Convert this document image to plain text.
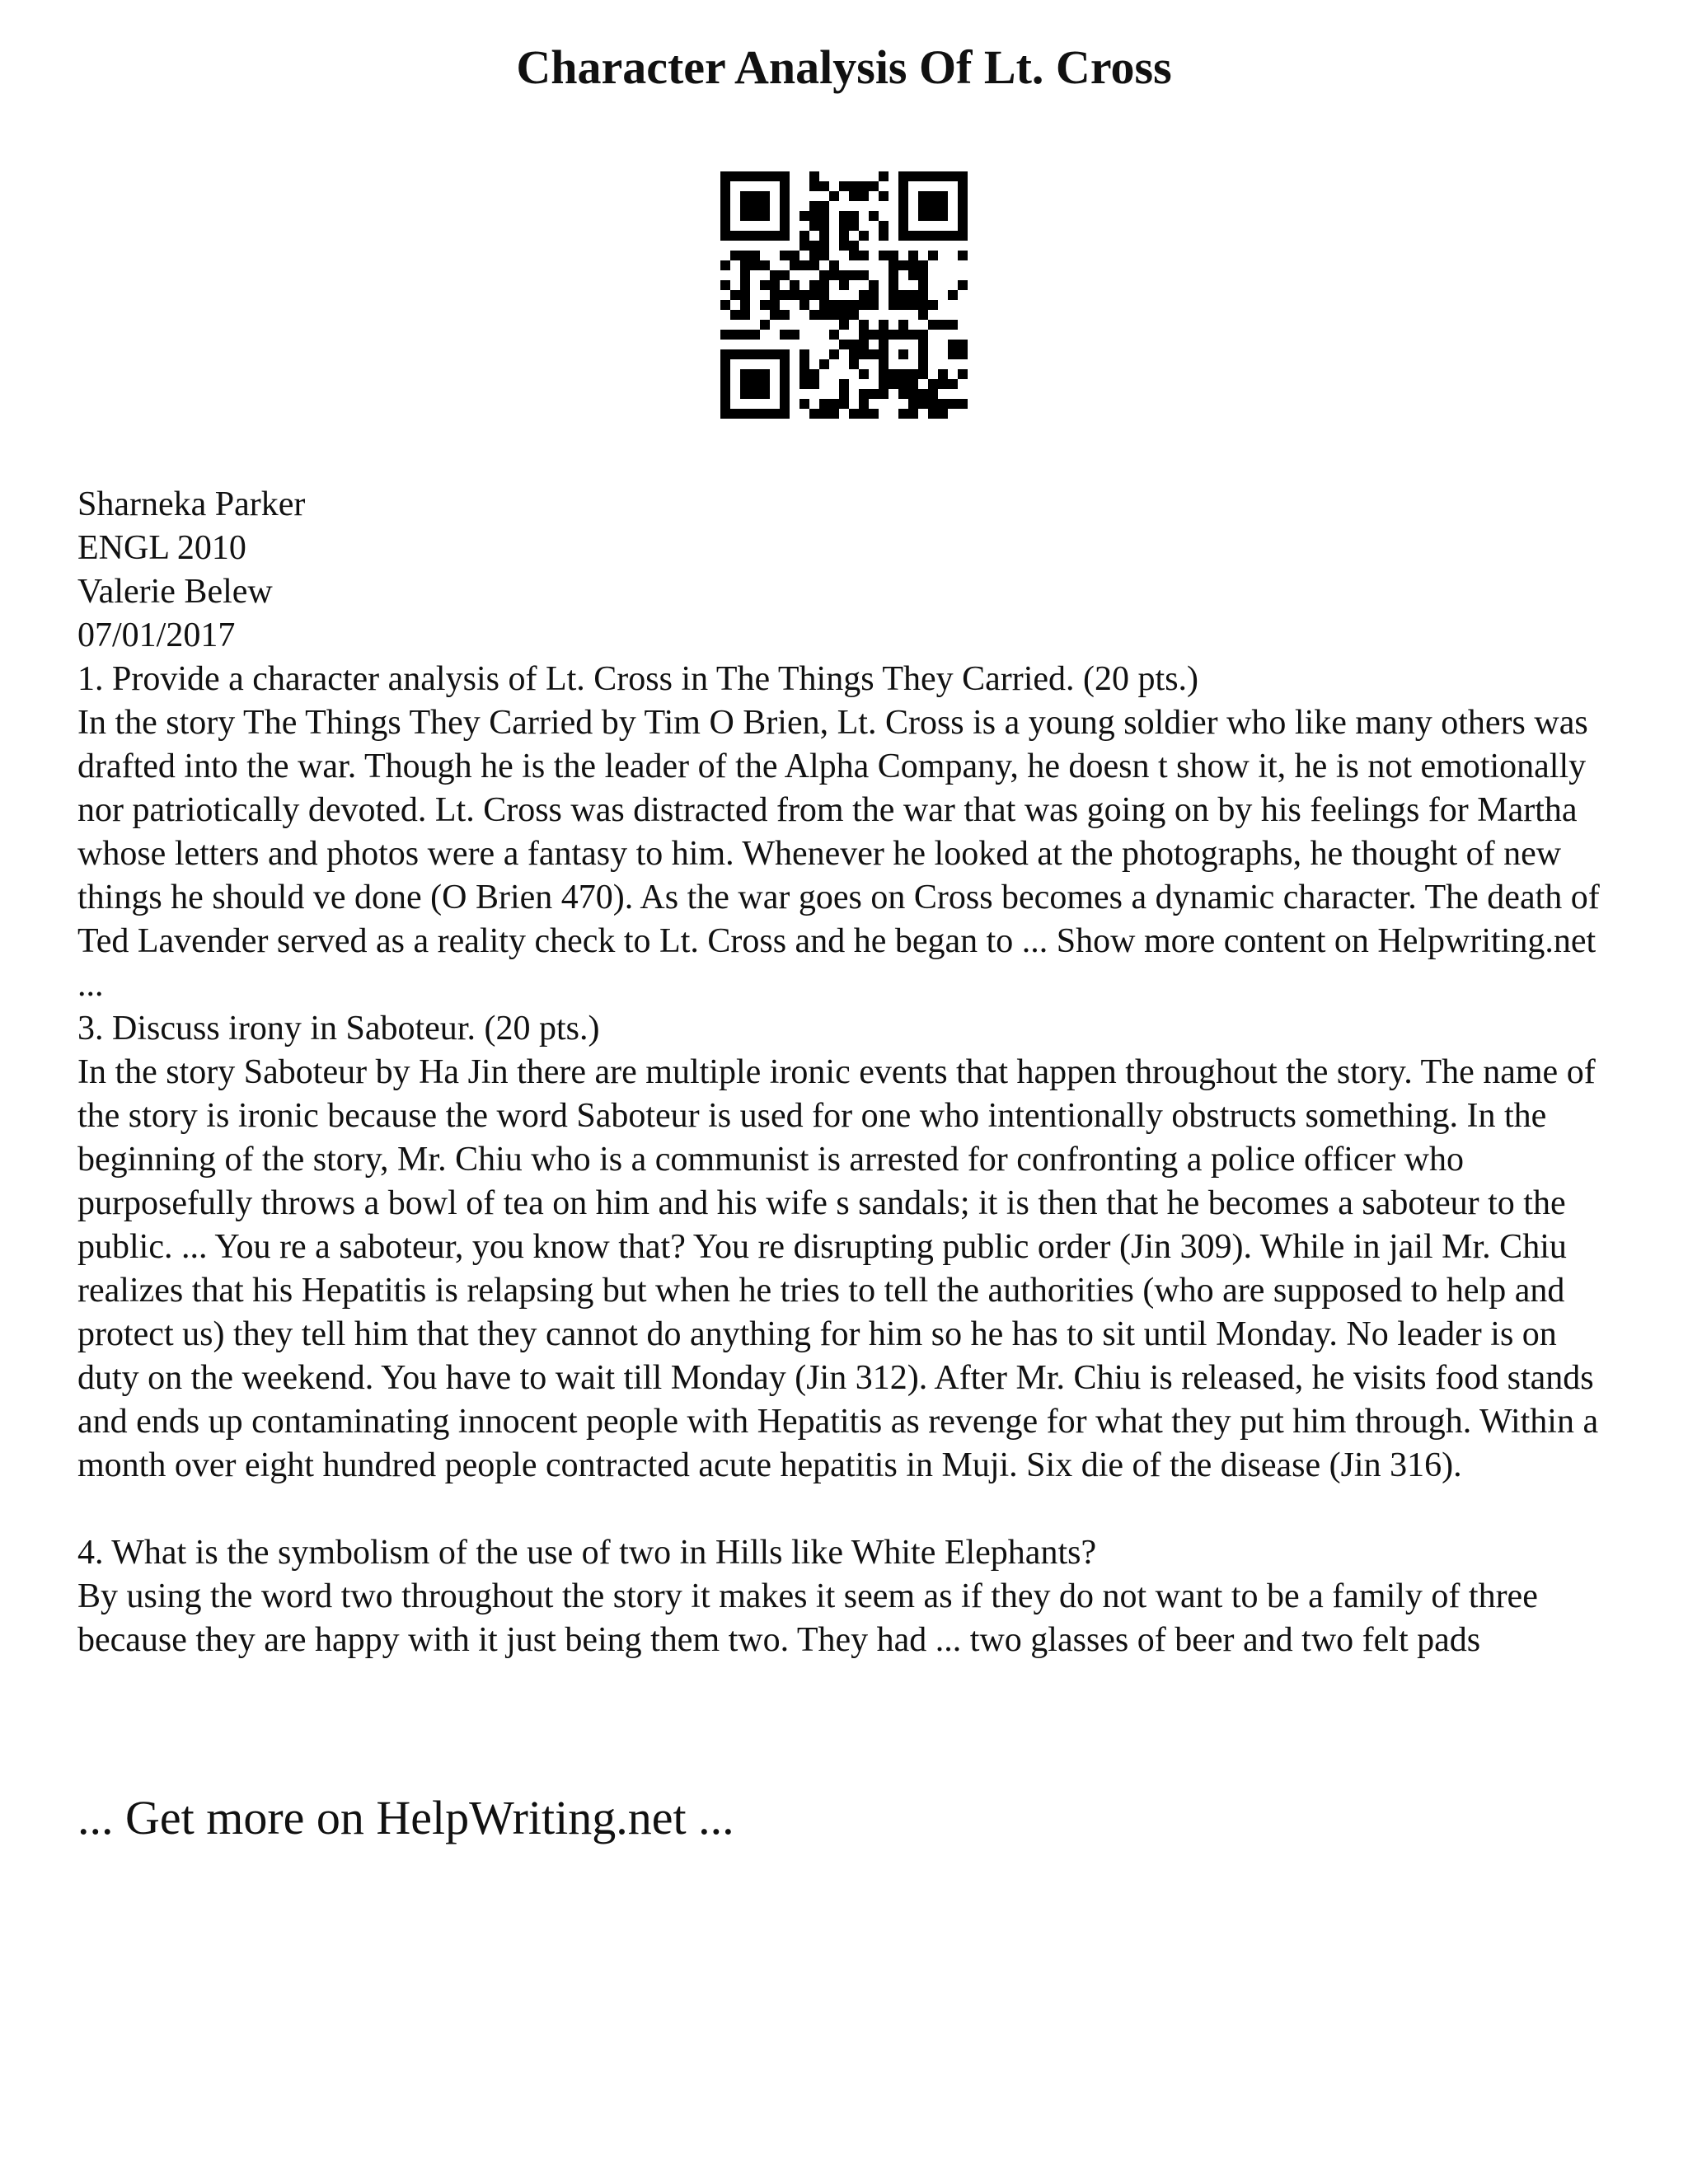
Character Analysis Of Lt. Cross
Sharneka Parker
ENGL 2010
Valerie Belew
07/01/2017

1. Provide a character analysis of Lt. Cross in The Things They Carried. (20 pts.)

In the story The Things They Carried by Tim O Brien, Lt. Cross is a young soldier who like many others was drafted into the war. Though he is the leader of the Alpha Company, he doesn t show it, he is not emotionally nor patriotically devoted. Lt. Cross was distracted from the war that was going on by his feelings for Martha whose letters and photos were a fantasy to him. Whenever he looked at the photographs, he thought of new things he should ve done (O Brien 470). As the war goes on Cross becomes a dynamic character. The death of Ted Lavender served as a reality check to Lt. Cross and he began to ... Show more content on Helpwriting.net ...

3. Discuss irony in Saboteur. (20 pts.)

In the story Saboteur by Ha Jin there are multiple ironic events that happen throughout the story. The name of the story is ironic because the word Saboteur is used for one who intentionally obstructs something. In the beginning of the story, Mr. Chiu who is a communist is arrested for confronting a police officer who purposefully throws a bowl of tea on him and his wife s sandals; it is then that he becomes a saboteur to the public. ... You re a saboteur, you know that? You re disrupting public order (Jin 309). While in jail Mr. Chiu realizes that his Hepatitis is relapsing but when he tries to tell the authorities (who are supposed to help and protect us) they tell him that they cannot do anything for him so he has to sit until Monday. No leader is on duty on the weekend. You have to wait till Monday (Jin 312). After Mr. Chiu is released, he visits food stands and ends up contaminating innocent people with Hepatitis as revenge for what they put him through. Within a month over eight hundred people contracted acute hepatitis in Muji. Six die of the disease (Jin 316).

4. What is the symbolism of the use of two in Hills like White Elephants?

By using the word two throughout the story it makes it seem as if they do not want to be a family of three because they are happy with it just being them two. They had ... two glasses of beer and two felt pads

... Get more on HelpWriting.net ...
